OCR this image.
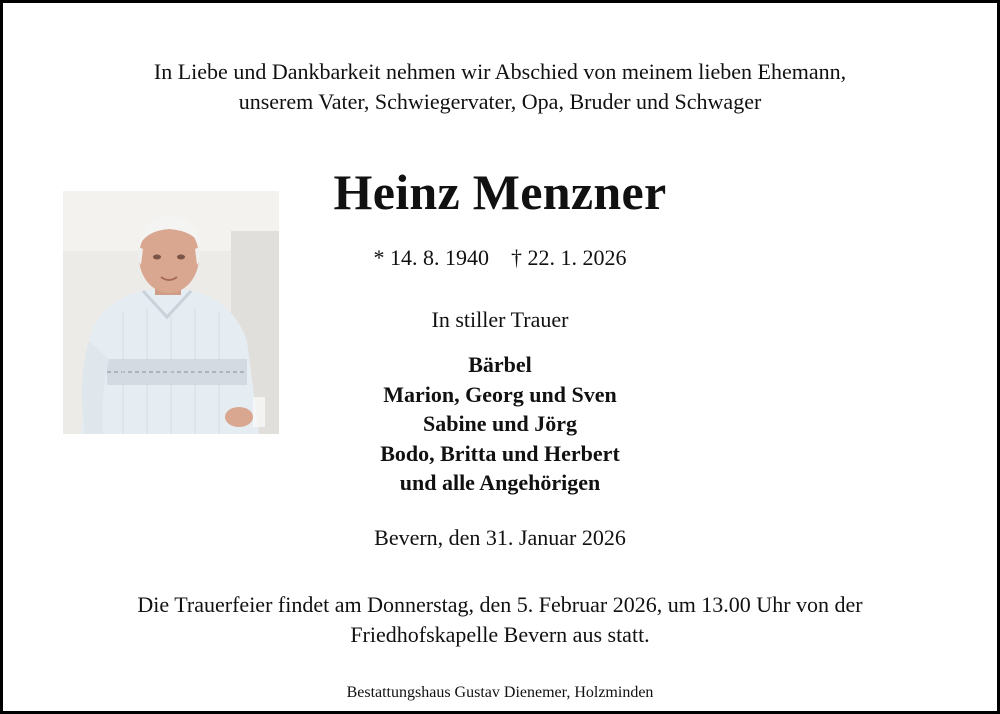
In Liebe und Dankbarkeit nehmen wir Abschied von meinem lieben Ehemann,
unserem Vater, Schwiegervater, Opa, Bruder und Schwager
Heinz Menzner
* 14. 8. 1940 † 22. 1. 2026
In stiller Trauer
Bärbel
Marion, Georg und Sven
Sabine und Jörg
Bodo, Britta und Herbert
und alle Angehörigen
Bevern, den 31. Januar 2026
Die Trauerfeier findet am Donnerstag, den 5. Februar 2026, um 13.00 Uhr von der
Friedhofskapelle Bevern aus statt.
Bestattungshaus Gustav Dienemer, Holzminden
